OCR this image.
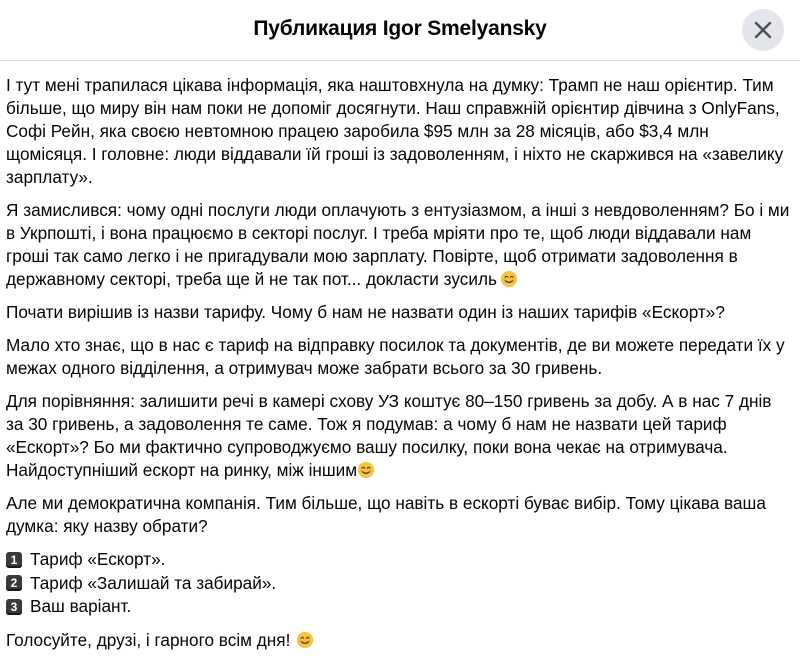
Публикация Igor Smelyansky

І тут мені трапилася цікава інформація, яка наштовхнула на думку: Трамп не наш орієнтир. Тим більше, що миру він нам поки не допоміг досягнути. Наш справжній орієнтир дівчина з OnlyFans, Софі Рейн, яка своєю невтомною працею заробила $95 млн за 28 місяців, або $3,4 млн щомісяця. І головне: люди віддавали їй гроші із задоволенням, і ніхто не скаржився на «завелику зарплату».

Я замислився: чому одні послуги люди оплачують з ентузіазмом, а інші з невдоволенням? Бо і ми в Укрпошті, і вона працюємо в секторі послуг. І треба мріяти про те, щоб люди віддавали нам гроші так само легко і не пригадували мою зарплату. Повірте, щоб отримати задоволення в державному секторі, треба ще й не так пот... докласти зусиль

Почати вирішив із назви тарифу. Чому б нам не назвати один із наших тарифів «Ескорт»?

Мало хто знає, що в нас є тариф на відправку посилок та документів, де ви можете передати їх у межах одного відділення, а отримувач може забрати всього за 30 гривень.

Для порівняння: залишити речі в камері схову УЗ коштує 80–150 гривень за добу. А в нас 7 днів за 30 гривень, а задоволення те саме. Тож я подумав: а чому б нам не назвати цей тариф «Ескорт»? Бо ми фактично супроводжуємо вашу посилку, поки вона чекає на отримувача. Найдоступніший ескорт на ринку, між іншим

Але ми демократична компанія. Тим більше, що навіть в ескорті буває вибір. Тому цікава ваша думка: яку назву обрати?

1 Тариф «Ескорт».
2 Тариф «Залишай та забирай».
3 Ваш варіант.

Голосуйте, друзі, і гарного всім дня!
